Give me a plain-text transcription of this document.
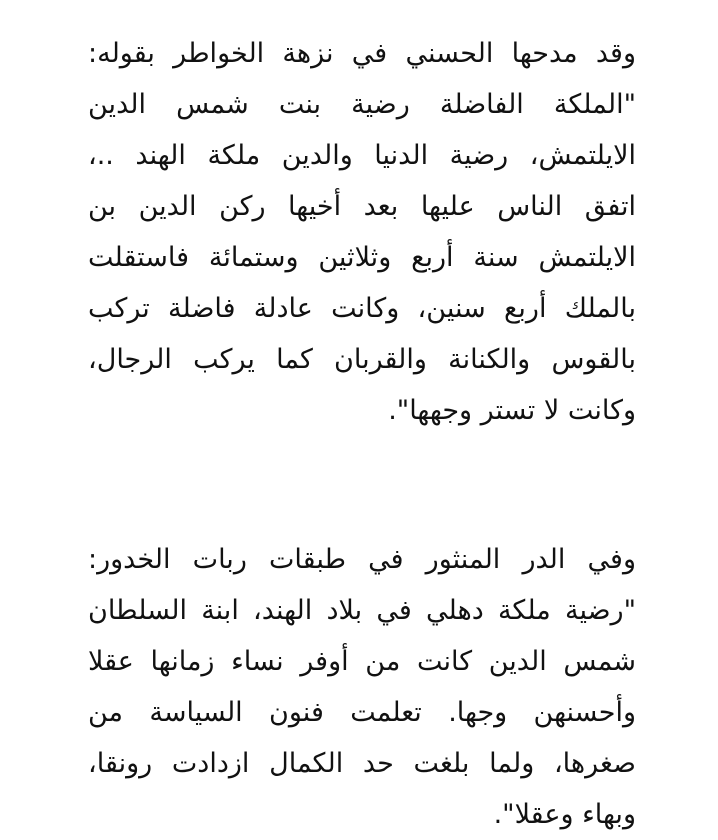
وقد مدحها الحسني في نزهة الخواطر بقوله:
"الملكة الفاضلة رضية بنت شمس الدين
الايلتمش، رضية الدنيا والدين ملكة الهند ..،
اتفق الناس عليها بعد أخيها ركن الدين بن
الايلتمش سنة أربع وثلاثين وستمائة فاستقلت
بالملك أربع سنين، وكانت عادلة فاضلة تركب
بالقوس والكنانة والقربان كما يركب الرجال،
وكانت لا تستر وجهها".
وفي الدر المنثور في طبقات ربات الخدور:
"رضية ملكة دهلي في بلاد الهند، ابنة السلطان
شمس الدين كانت من أوفر نساء زمانها عقلا
وأحسنهن وجها. تعلمت فنون السياسة من
صغرها، ولما بلغت حد الكمال ازدادت رونقا،
وبهاء وعقلا".
